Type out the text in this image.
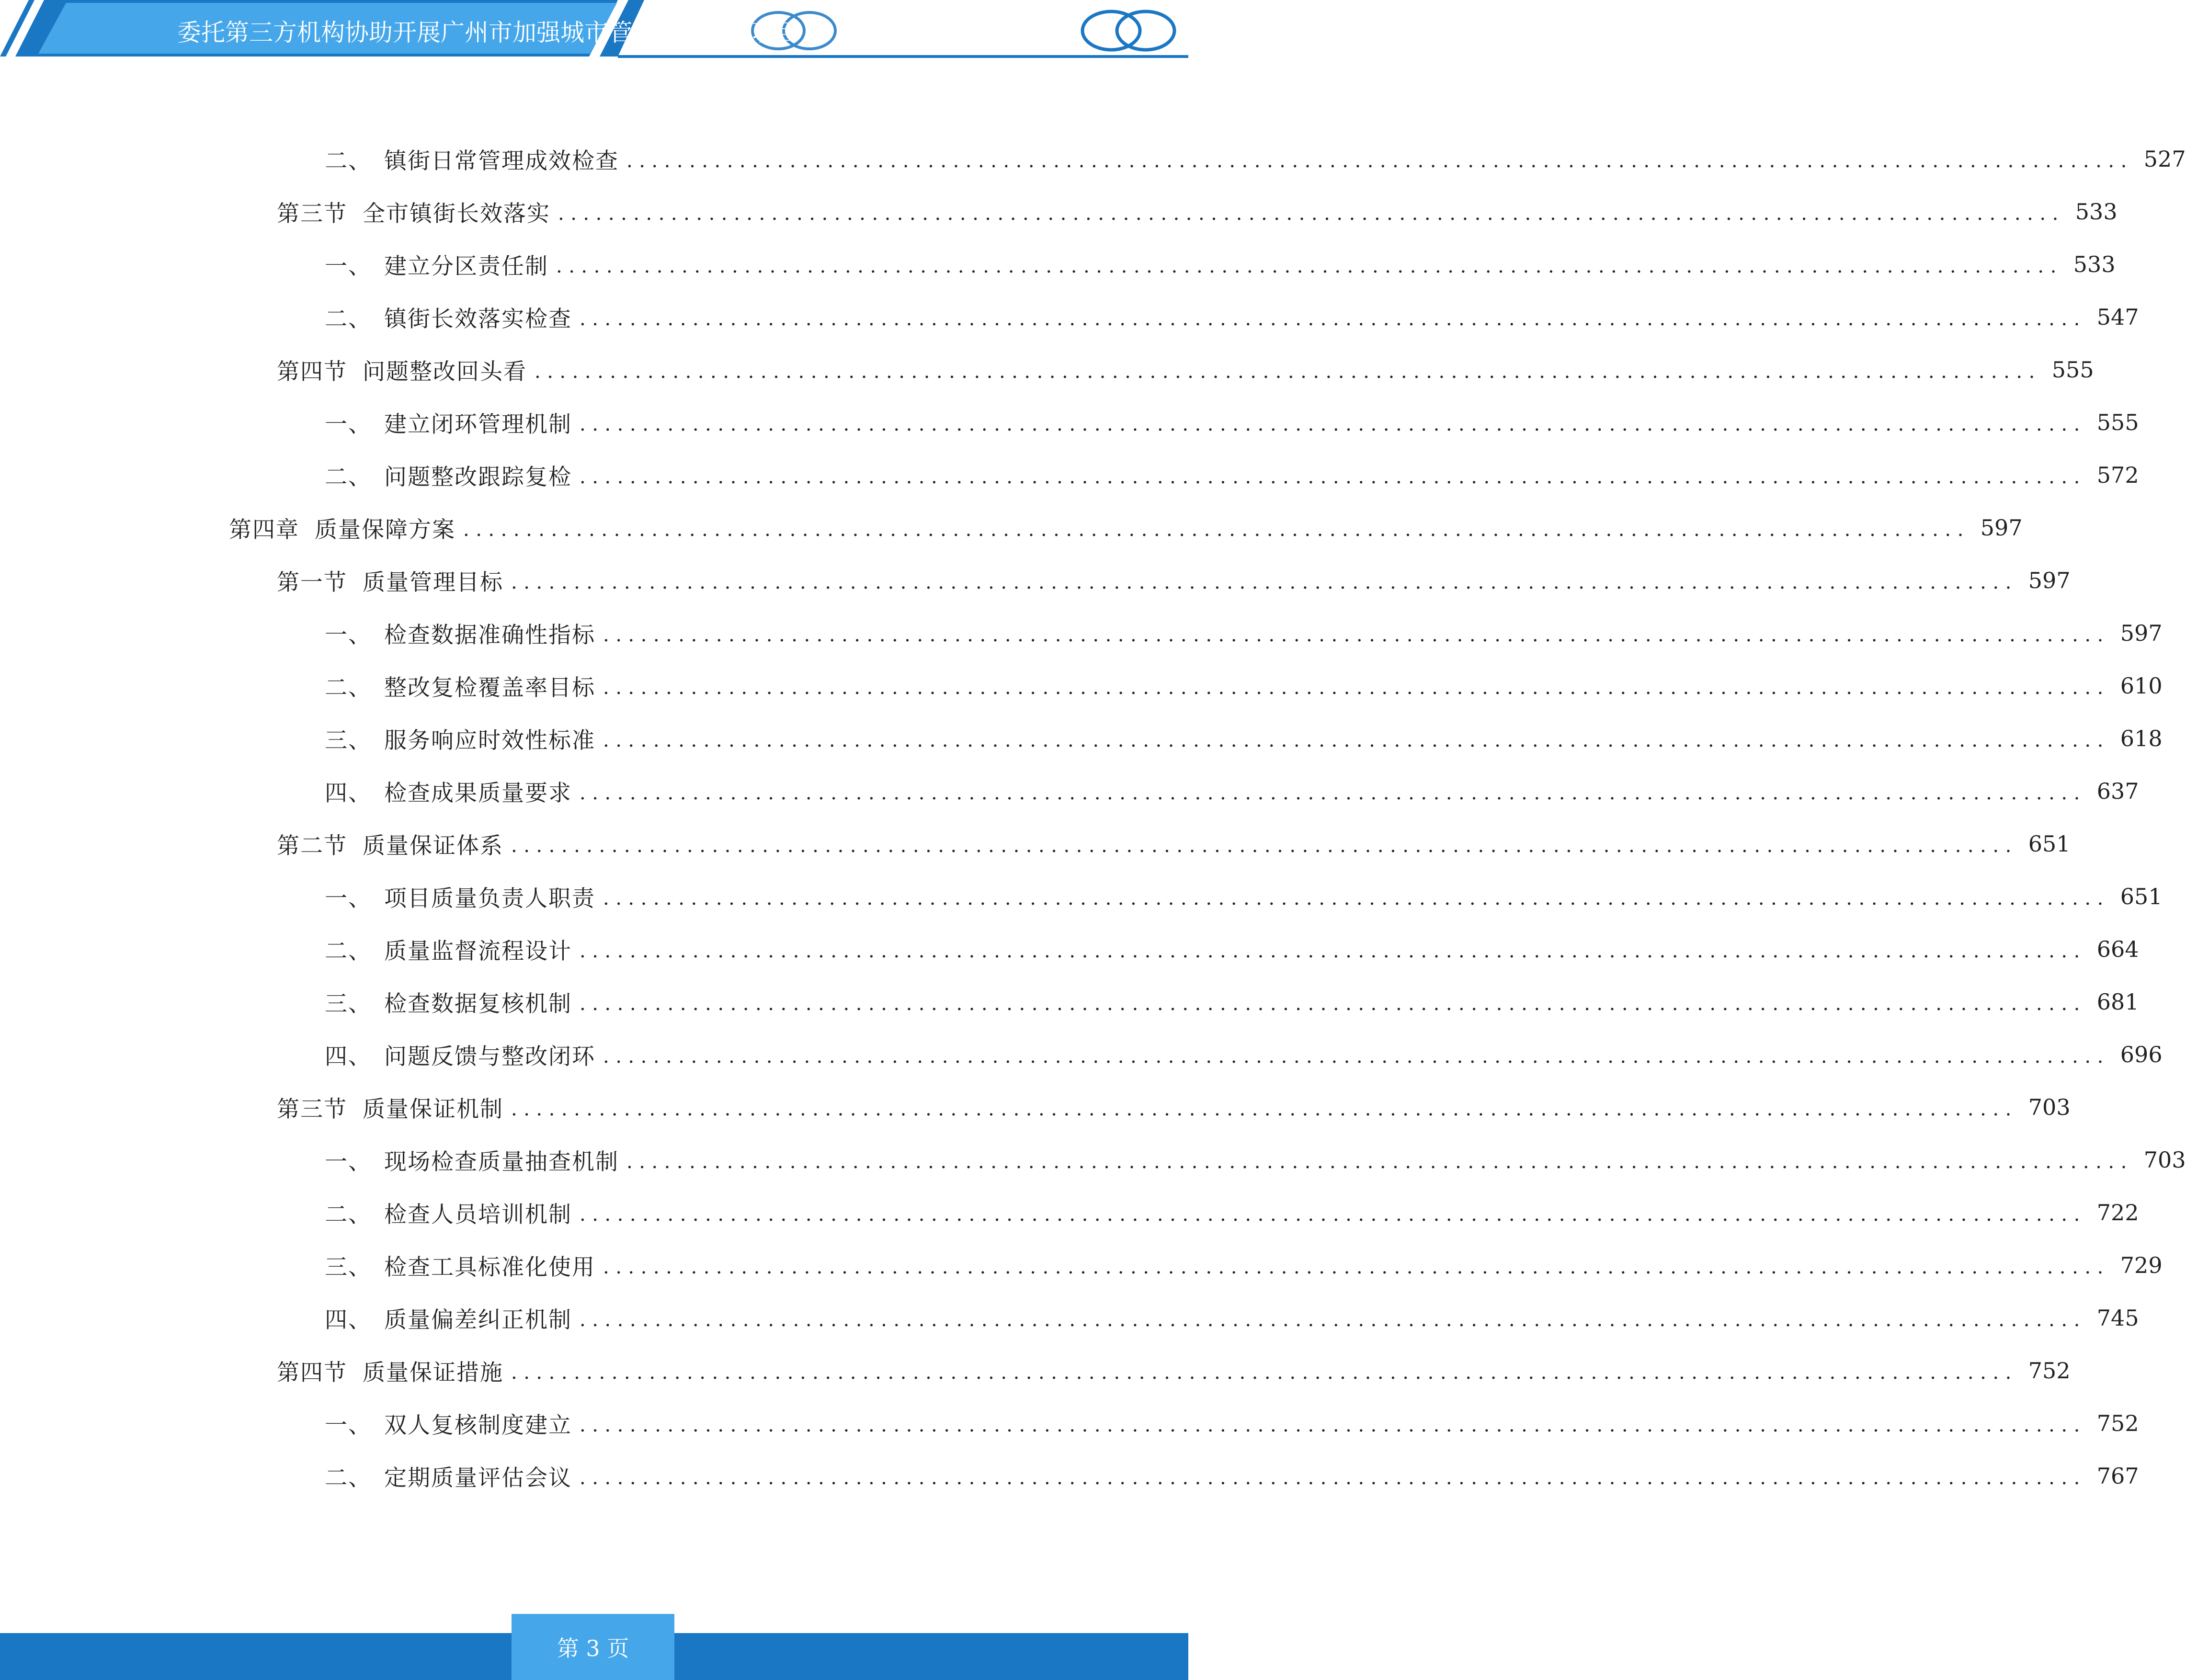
委托第三方机构协助开展广州市加强城市管理工作服务项目
二、 镇街日常管理成效检查 ........................................................................................................................ 527
第三节 全市镇街长效落实 ........................................................................................................................ 533
一、 建立分区责任制 ........................................................................................................................ 533
二、 镇街长效落实检查 ........................................................................................................................ 547
第四节 问题整改回头看 ........................................................................................................................ 555
一、 建立闭环管理机制 ........................................................................................................................ 555
二、 问题整改跟踪复检 ........................................................................................................................ 572
第四章 质量保障方案 ........................................................................................................................ 597
第一节 质量管理目标 ........................................................................................................................ 597
一、 检查数据准确性指标 ........................................................................................................................ 597
二、 整改复检覆盖率目标 ........................................................................................................................ 610
三、 服务响应时效性标准 ........................................................................................................................ 618
四、 检查成果质量要求 ........................................................................................................................ 637
第二节 质量保证体系 ........................................................................................................................ 651
一、 项目质量负责人职责 ........................................................................................................................ 651
二、 质量监督流程设计 ........................................................................................................................ 664
三、 检查数据复核机制 ........................................................................................................................ 681
四、 问题反馈与整改闭环 ........................................................................................................................ 696
第三节 质量保证机制 ........................................................................................................................ 703
一、 现场检查质量抽查机制 ........................................................................................................................ 703
二、 检查人员培训机制 ........................................................................................................................ 722
三、 检查工具标准化使用 ........................................................................................................................ 729
四、 质量偏差纠正机制 ........................................................................................................................ 745
第四节 质量保证措施 ........................................................................................................................ 752
一、 双人复核制度建立 ........................................................................................................................ 752
二、 定期质量评估会议 ........................................................................................................................ 767
第 3 页
